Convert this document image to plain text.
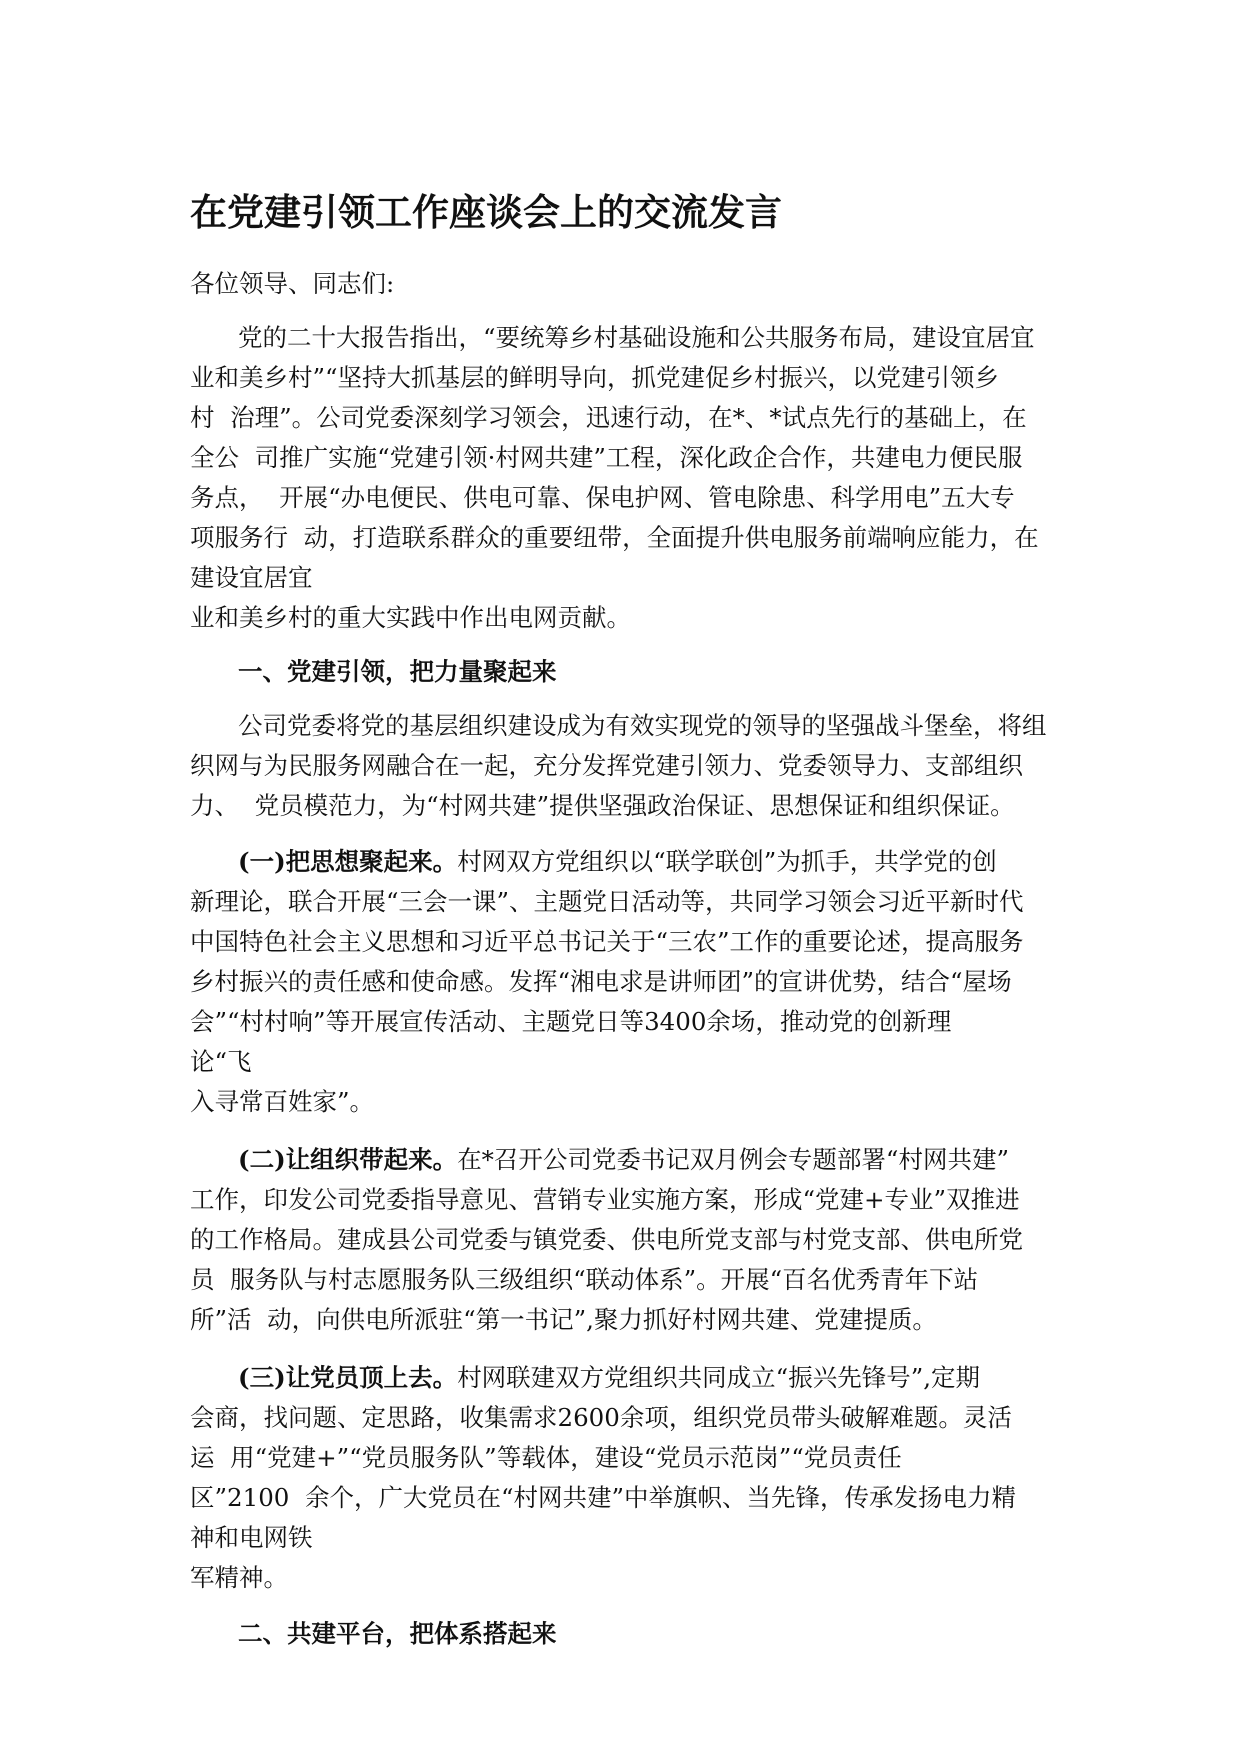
在党建引领工作座谈会上的交流发言
各位领导、同志们:
党的二十大报告指出，“要统筹乡村基础设施和公共服务布局，建设宜居宜
业和美乡村”“坚持大抓基层的鲜明导向，抓党建促乡村振兴，以党建引领乡
村  治理”。公司党委深刻学习领会，迅速行动，在*、*试点先行的基础上，在
全公  司推广实施“党建引领·村网共建”工程，深化政企合作，共建电力便民服
务点，  开展“办电便民、供电可靠、保电护网、管电除患、科学用电”五大专
项服务行  动，打造联系群众的重要纽带，全面提升供电服务前端响应能力，在
建设宜居宜
业和美乡村的重大实践中作出电网贡献。
一、党建引领，把力量聚起来
公司党委将党的基层组织建设成为有效实现党的领导的坚强战斗堡垒，将组
织网与为民服务网融合在一起，充分发挥党建引领力、党委领导力、支部组织
力、  党员模范力，为“村网共建”提供坚强政治保证、思想保证和组织保证。
(一)把思想聚起来。村网双方党组织以“联学联创”为抓手，共学党的创
新理论，联合开展“三会一课”、主题党日活动等，共同学习领会习近平新时代
中国特色社会主义思想和习近平总书记关于“三农”工作的重要论述，提高服务
乡村振兴的责任感和使命感。发挥“湘电求是讲师团”的宣讲优势，结合“屋场
会”“村村响”等开展宣传活动、主题党日等3400余场，推动党的创新理
论“飞
入寻常百姓家”。
(二)让组织带起来。在*召开公司党委书记双月例会专题部署“村网共建”
工作，印发公司党委指导意见、营销专业实施方案，形成“党建+专业”双推进
的工作格局。建成县公司党委与镇党委、供电所党支部与村党支部、供电所党
员  服务队与村志愿服务队三级组织“联动体系”。开展“百名优秀青年下站
所”活  动，向供电所派驻“第一书记”,聚力抓好村网共建、党建提质。
(三)让党员顶上去。村网联建双方党组织共同成立“振兴先锋号”,定期
会商，找问题、定思路，收集需求2600余项，组织党员带头破解难题。灵活
运  用“党建+”“党员服务队”等载体，建设“党员示范岗”“党员责任
区”2100  余个，广大党员在“村网共建”中举旗帜、当先锋，传承发扬电力精
神和电网铁
军精神。
二、共建平台，把体系搭起来
